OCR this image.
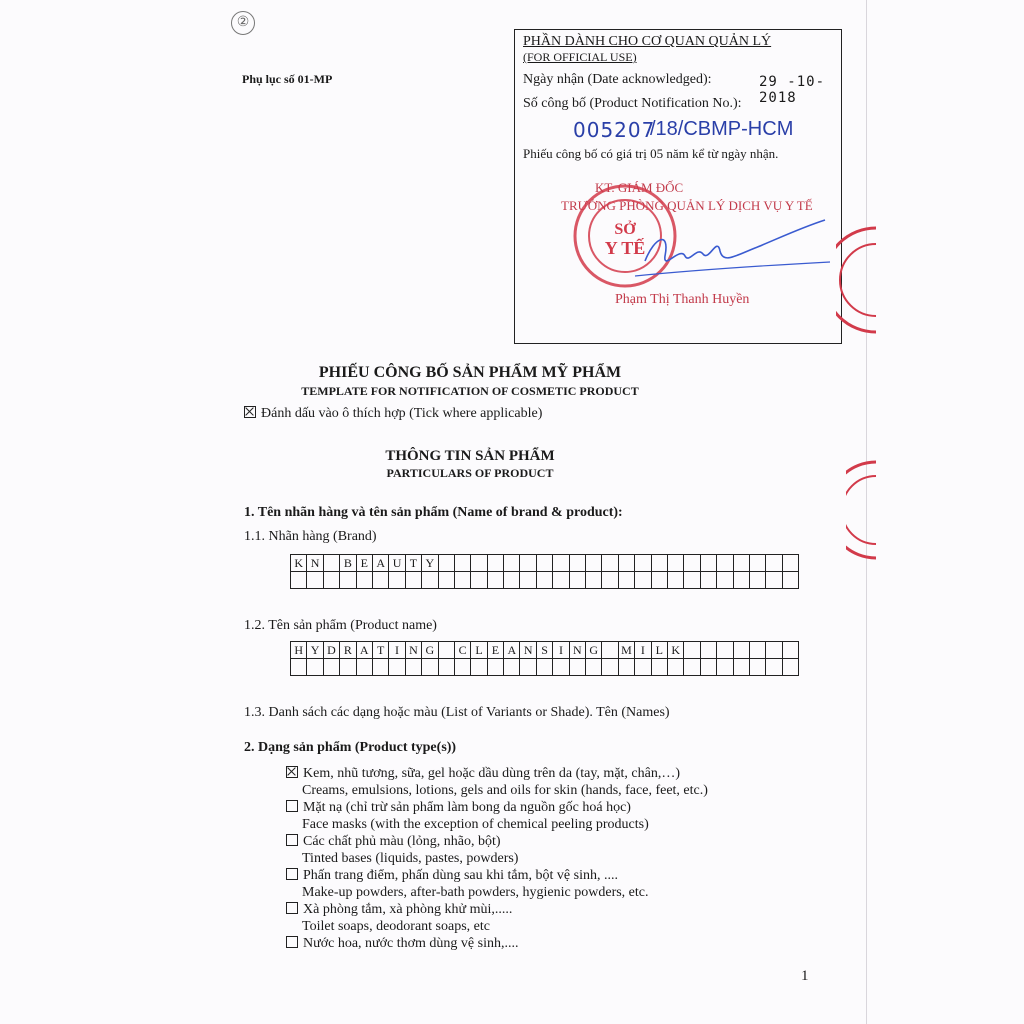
②
Phụ lục số 01-MP
PHẦN DÀNH CHO CƠ QUAN QUẢN LÝ
(FOR OFFICIAL USE)
Ngày nhận (Date acknowledged):	29 -10- 2018
Số công bố (Product Notification No.):
005207
/18/CBMP-HCM
Phiếu công bố có giá trị 05 năm kể từ ngày nhận.
KT. GIÁM ĐỐC
TRƯỞNG PHÒNG QUẢN LÝ DỊCH VỤ Y TẾ
SỞ
Y TẾ
Phạm Thị Thanh Huyền
PHIẾU CÔNG BỐ SẢN PHẨM MỸ PHẨM
TEMPLATE FOR NOTIFICATION OF COSMETIC PRODUCT
Đánh dấu vào ô thích hợp (Tick where applicable)
THÔNG TIN SẢN PHẨM
PARTICULARS OF PRODUCT
1. Tên nhãn hàng và tên sản phẩm (Name of brand & product):
1.1. Nhãn hàng (Brand)
K	N		B	E	A	U	T	Y																						

1.2. Tên sản phẩm (Product name)
H	Y	D	R	A	T	I	N	G		C	L	E	A	N	S	I	N	G		M	I	L	K							

1.3. Danh sách các dạng hoặc màu (List of Variants or Shade). Tên (Names)
2. Dạng sản phẩm (Product type(s))
Kem, nhũ tương, sữa, gel hoặc dầu dùng trên da (tay, mặt, chân,…)
Creams, emulsions, lotions, gels and oils for skin (hands, face, feet, etc.)
Mặt nạ (chỉ trừ sản phẩm làm bong da nguồn gốc hoá học)
Face masks (with the exception of chemical peeling products)
Các chất phủ màu (lỏng, nhão, bột)
Tinted bases (liquids, pastes, powders)
Phấn trang điểm, phấn dùng sau khi tắm, bột vệ sinh, ....
Make-up powders, after-bath powders, hygienic powders, etc.
Xà phòng tắm, xà phòng khử mùi,.....
Toilet soaps, deodorant soaps, etc
Nước hoa, nước thơm dùng vệ sinh,....
1
